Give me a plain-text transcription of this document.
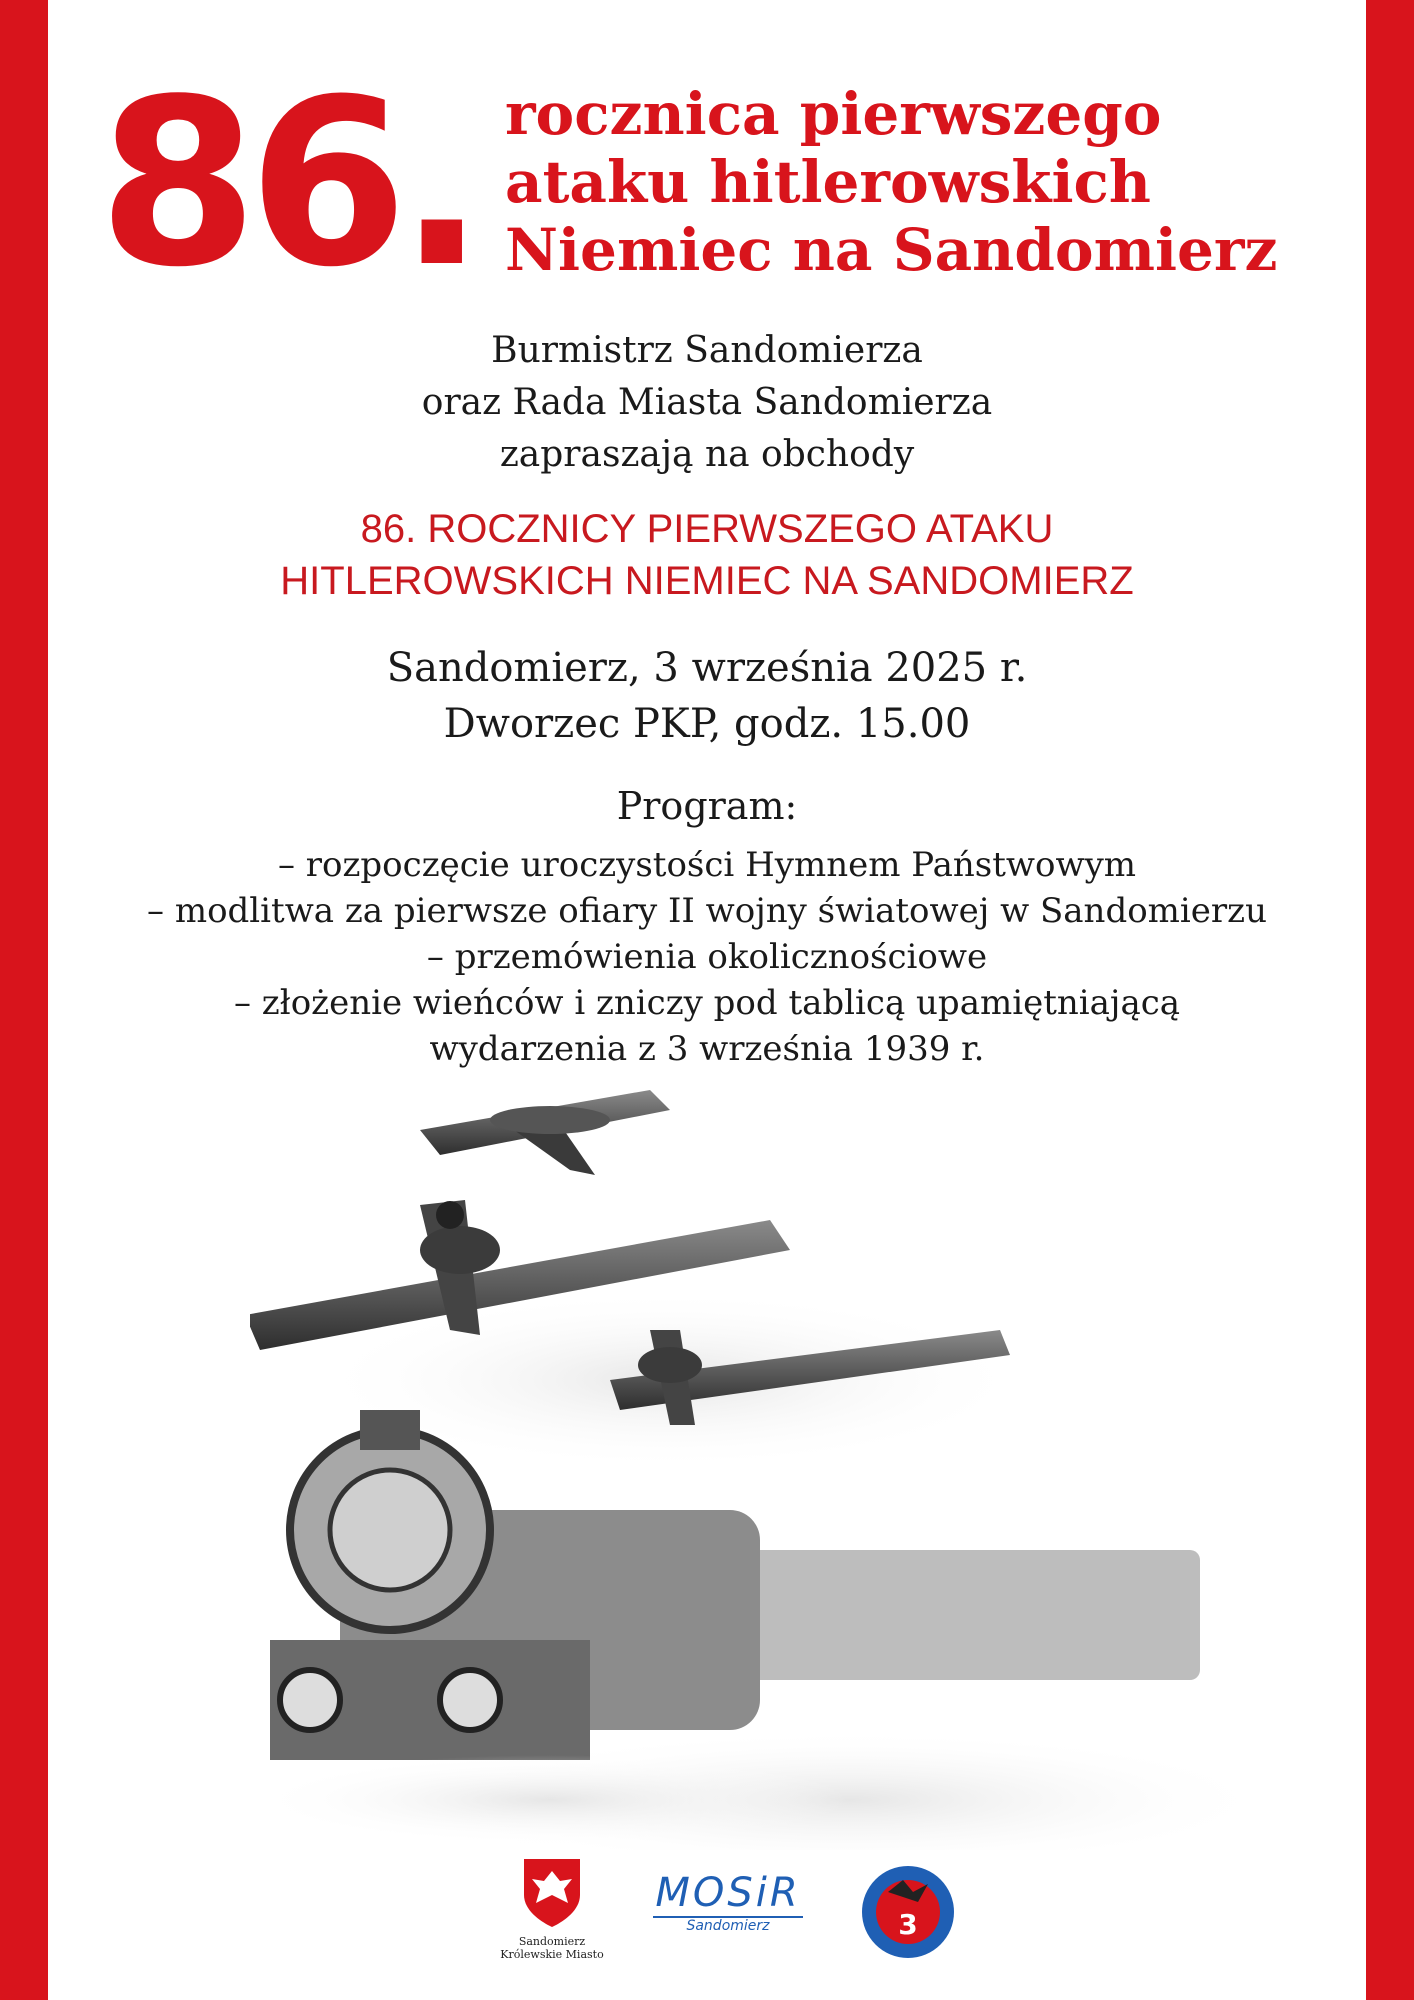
86. rocznica pierwszego
ataku hitlerowskich
Niemiec na Sandomierz
Burmistrz Sandomierza
oraz Rada Miasta Sandomierza
zapraszają na obchody
86. ROCZNICY PIERWSZEGO ATAKU
HITLEROWSKICH NIEMIEC NA SANDOMIERZ
Sandomierz, 3 września 2025 r.
Dworzec PKP, godz. 15.00
Program:
– rozpoczęcie uroczystości Hymnem Państwowym
– modlitwa za pierwsze ofiary II wojny światowej w Sandomierzu
– przemówienia okolicznościowe
– złożenie wieńców i zniczy pod tablicą upamiętniającą
wydarzenia z 3 września 1939 r.
Sandomierz
Królewskie Miasto
MOSiR
Sandomierz	3
